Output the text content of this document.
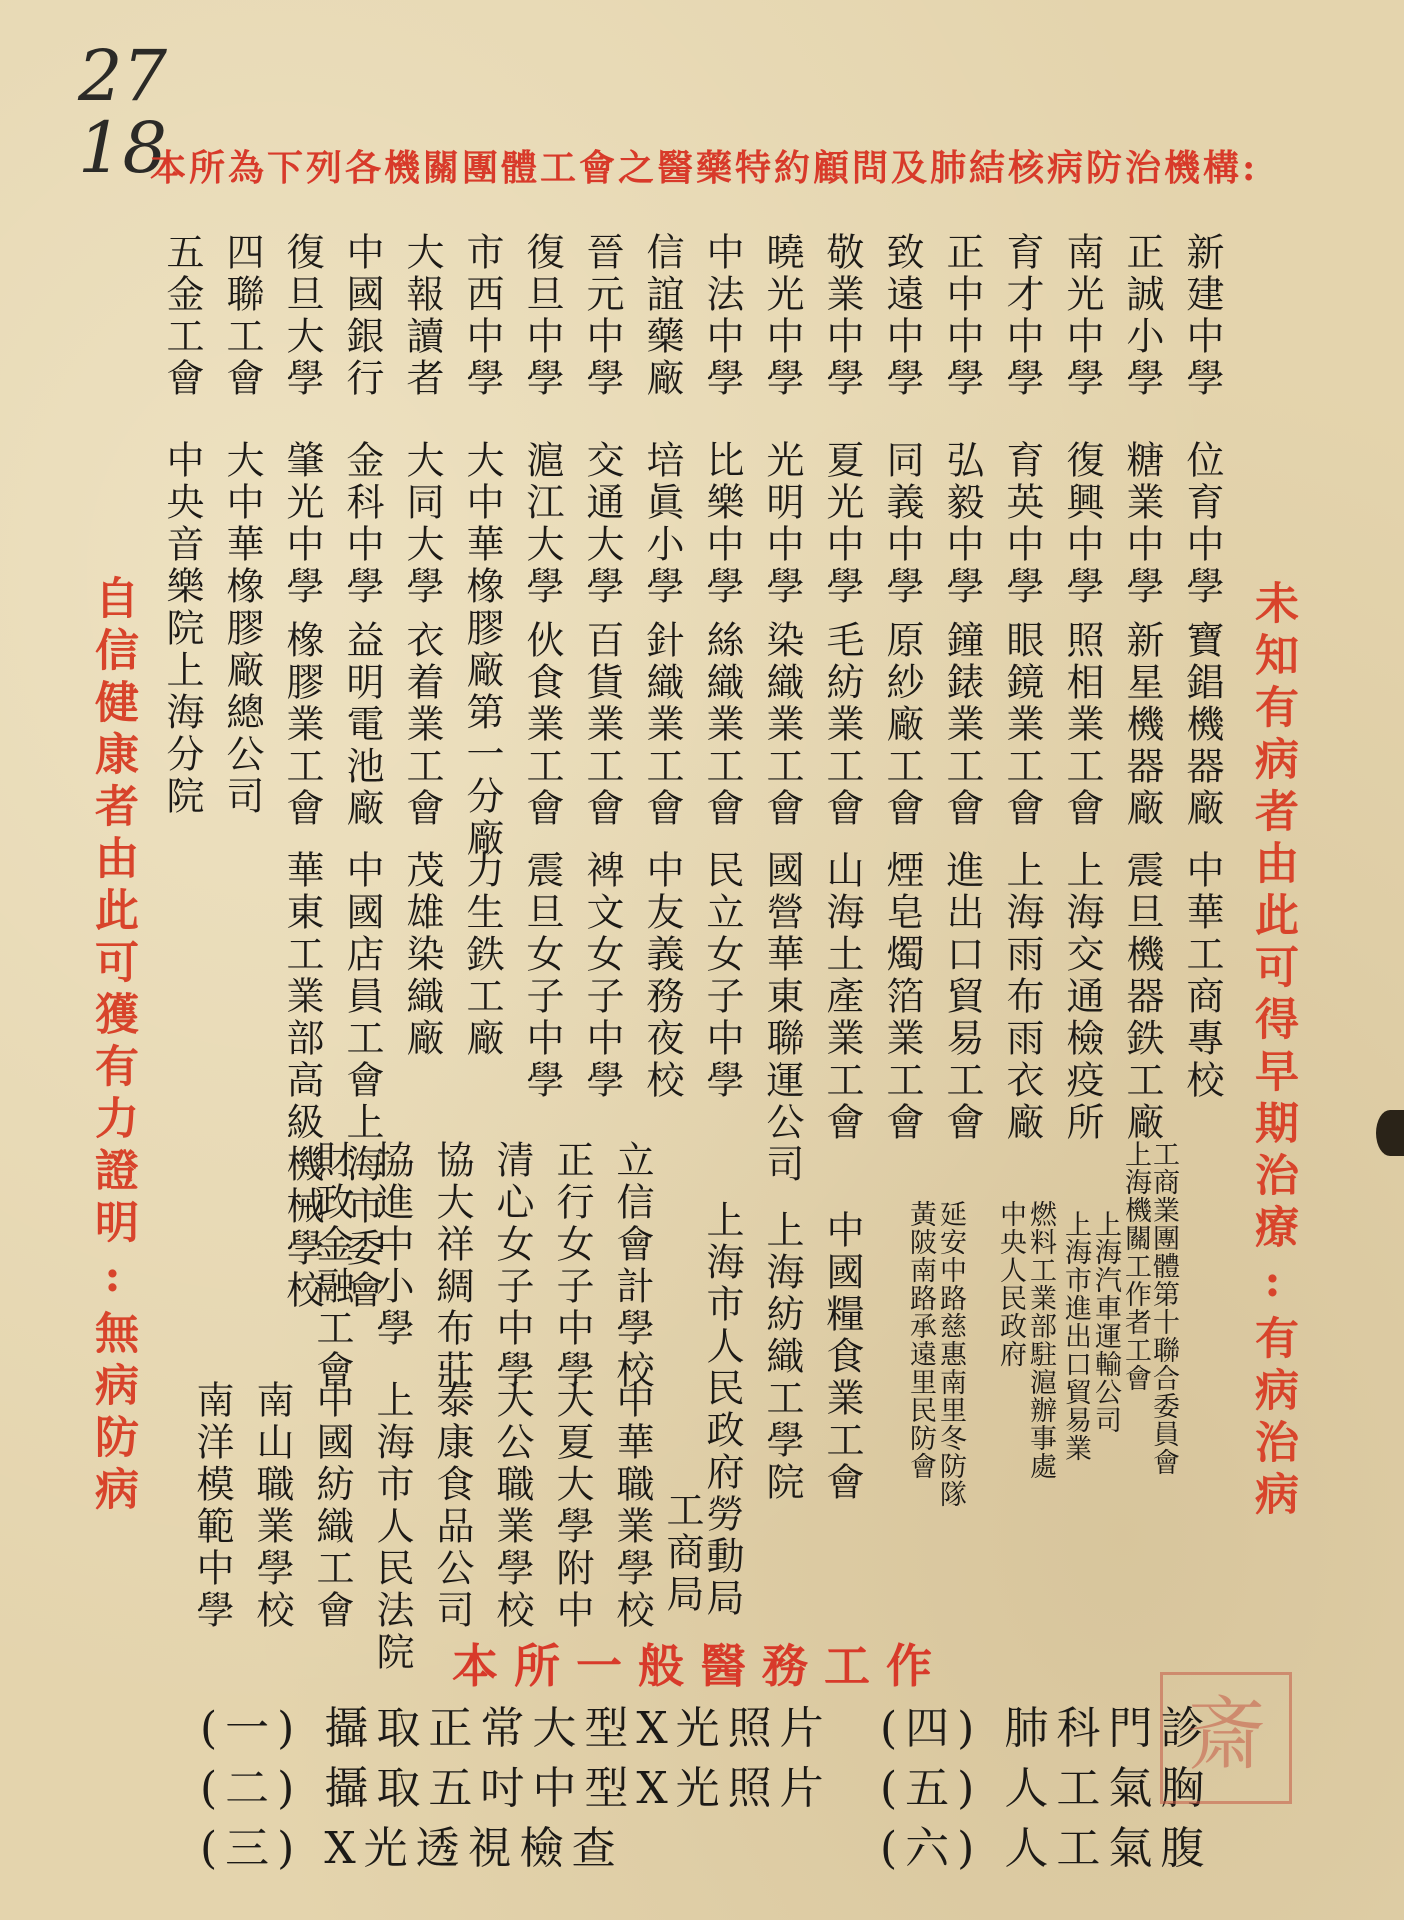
27
18
本所為下列各機關團體工會之醫藥特約顧問及肺結核病防治機構:
未知有病者由此可得早期治療:有病治病
自信健康者由此可獲有力證明:無病防病
新建中學
位育中學
寶錩機器廠
正誠小學
糖業中學
新星機器廠
南光中學
復興中學
照相業工會
育才中學
育英中學
眼鏡業工會
正中中學
弘毅中學
鐘錶業工會
致遠中學
同義中學
原紗廠工會
敬業中學
夏光中學
毛紡業工會
曉光中學
光明中學
染織業工會
中法中學
比樂中學
絲織業工會
信誼藥廠
培眞小學
針織業工會
晉元中學
交通大學
百貨業工會
復旦中學
滬江大學
伙食業工會
市西中學
大中華橡膠廠第一分廠
大報讀者
大同大學
衣着業工會
中國銀行
金科中學
益明電池廠
復旦大學
肇光中學
橡膠業工會
四聯工會
大中華橡膠廠總公司
五金工會
中央音樂院上海分院
中華工商專校
震旦機器鉄工廠
上海交通檢疫所
上海雨布雨衣廠
進出口貿易工會
煙皂燭箔業工會
山海土產業工會
國營華東聯運公司
民立女子中學
中友義務夜校
裨文女子中學
震旦女子中學
力生鉄工廠
茂雄染織廠
中國店員工會上海市委會
華東工業部高級機械學校	工商業團體第十聯合委員會
上海機關工作者工會
上海汽車運輸公司
上海市進出口貿易業
燃料工業部駐滬辦事處
中央人民政府
延安中路慈惠南里冬防隊
黃陂南路承遠里民防會
中國糧食業工會
上海紡織工學院
上海市人民政府勞動局
工商局
立信會計學校
中華職業學校
正行女子中學
大夏大學附中
清心女子中學
大公職業學校
協大祥綢布莊
泰康食品公司
協進中小學
上海市人民法院
財政金融工會
中國紡織工會
南山職業學校
南洋模範中學
本所一般醫務工作
(一) 攝取正常大型X光照片
(二) 攝取五吋中型X光照片
(三) X光透視檢查
(四) 肺科門診
(五) 人工氣胸
(六) 人工氣腹
斎
